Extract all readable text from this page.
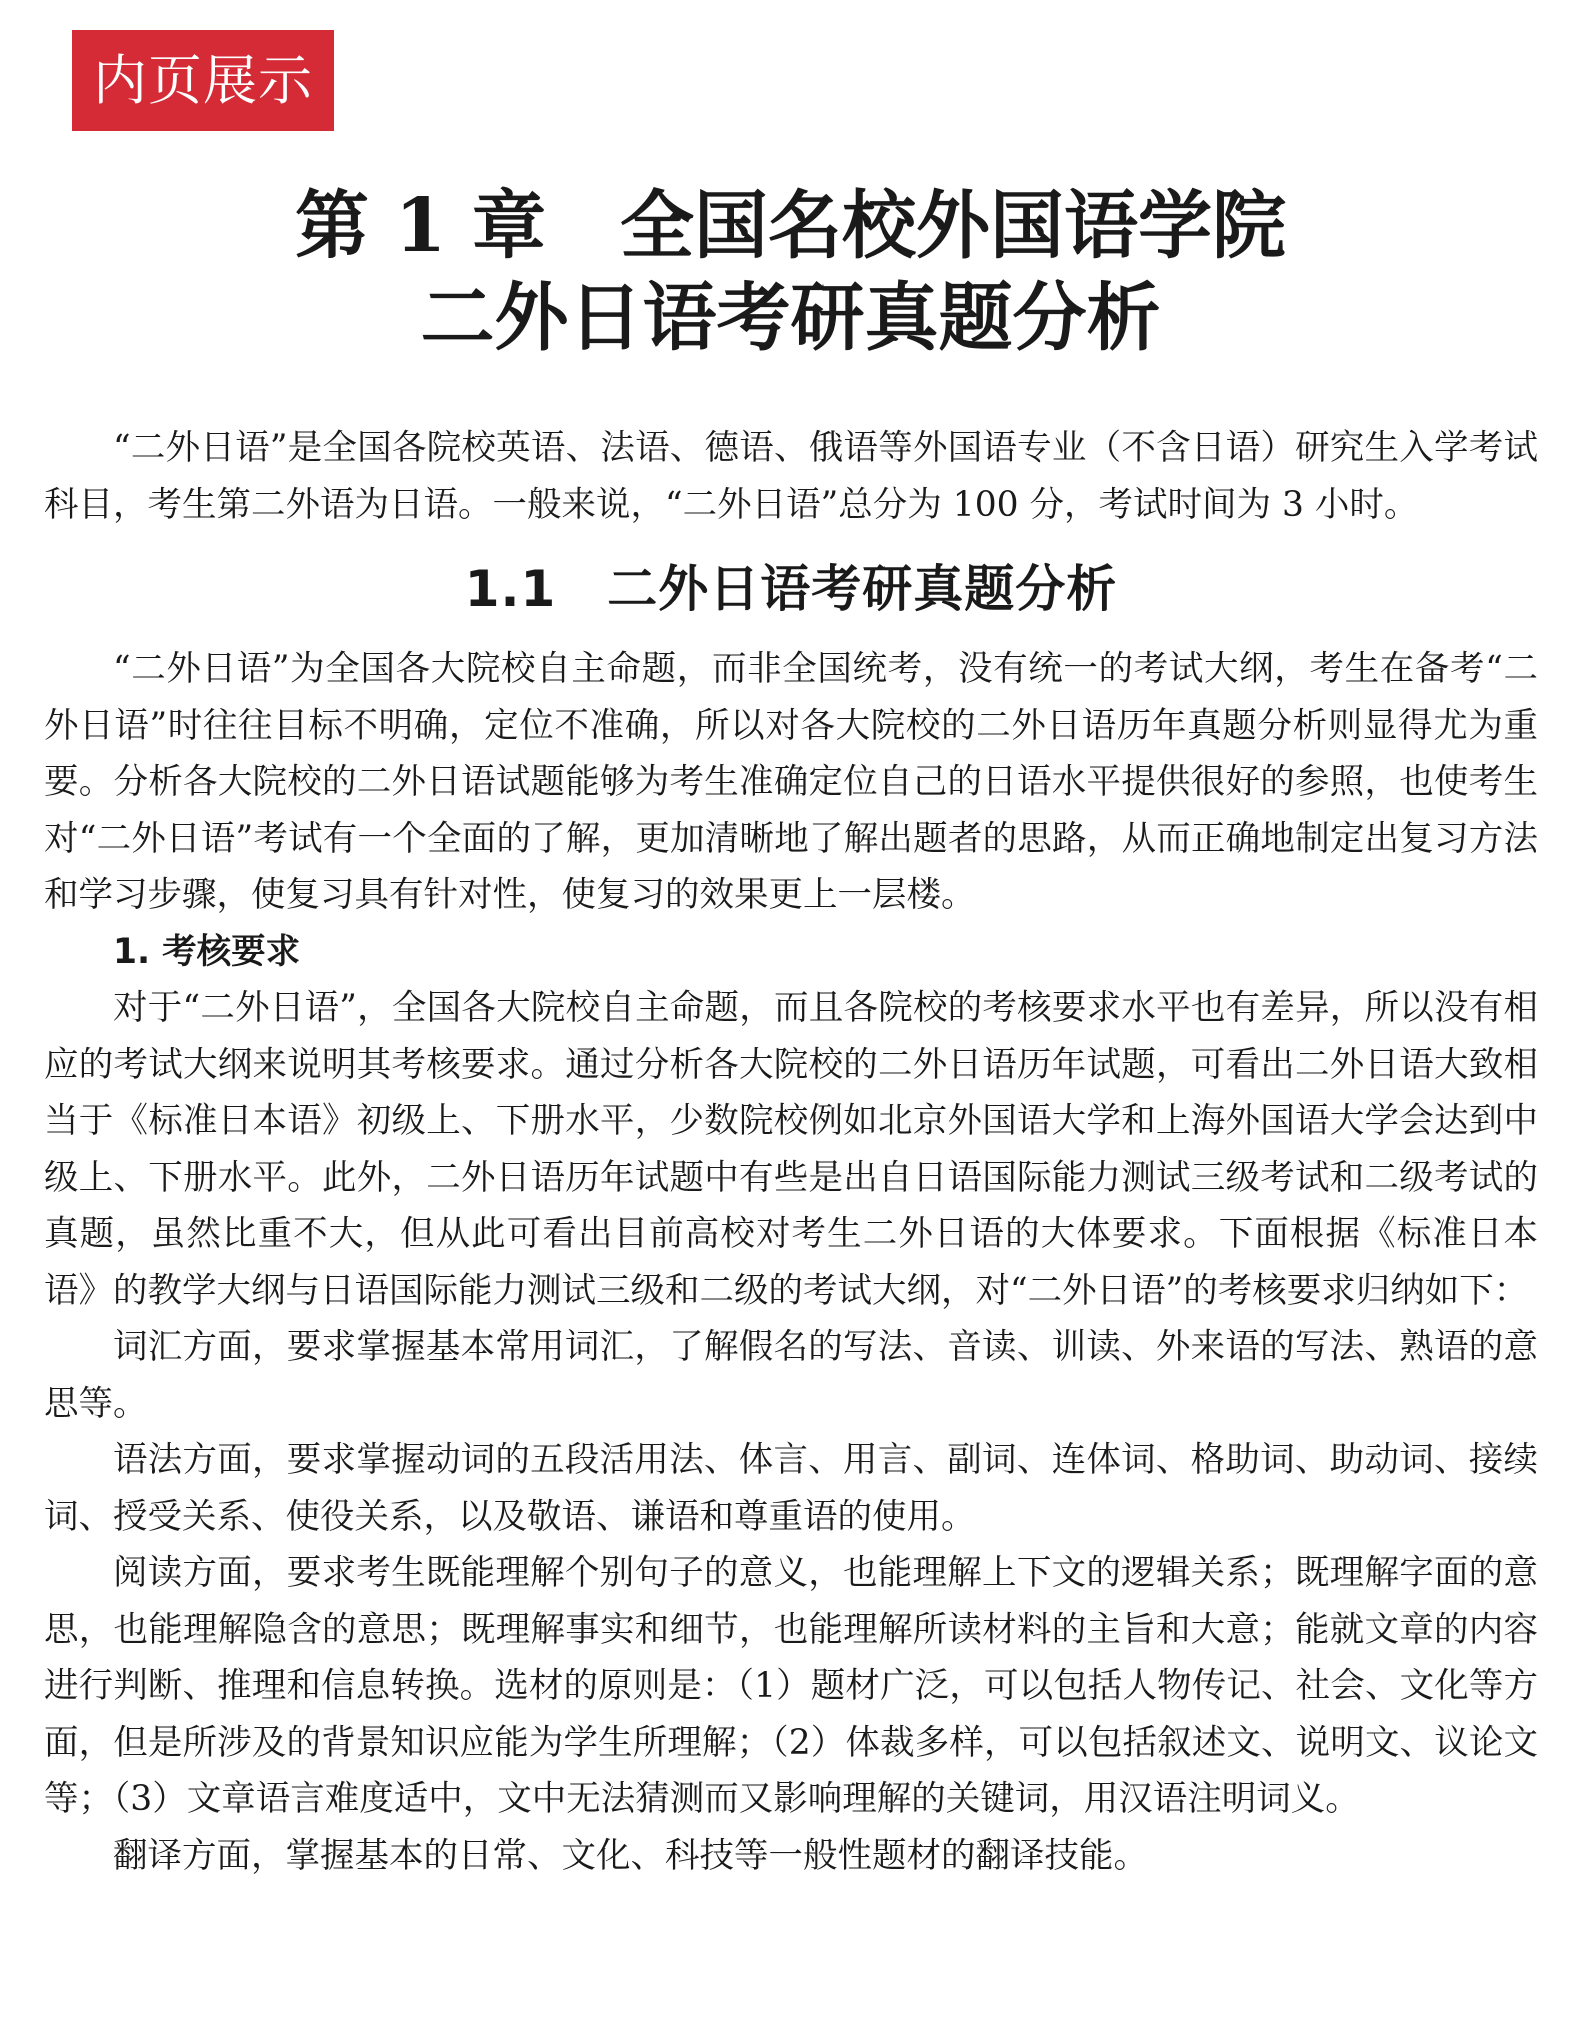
内页展示
第 1 章　全国名校外国语学院
二外日语考研真题分析

“二外日语”是全国各院校英语、法语、德语、俄语等外国语专业（不含日语）研究生入学考试科目，考生第二外语为日语。一般来说，“二外日语”总分为 100 分，考试时间为 3 小时。

1.1　二外日语考研真题分析

“二外日语”为全国各大院校自主命题，而非全国统考，没有统一的考试大纲，考生在备考“二外日语”时往往目标不明确，定位不准确，所以对各大院校的二外日语历年真题分析则显得尤为重要。分析各大院校的二外日语试题能够为考生准确定位自己的日语水平提供很好的参照，也使考生对“二外日语”考试有一个全面的了解，更加清晰地了解出题者的思路，从而正确地制定出复习方法和学习步骤，使复习具有针对性，使复习的效果更上一层楼。

1. 考核要求

对于“二外日语”，全国各大院校自主命题，而且各院校的考核要求水平也有差异，所以没有相应的考试大纲来说明其考核要求。通过分析各大院校的二外日语历年试题，可看出二外日语大致相当于《标准日本语》初级上、下册水平，少数院校例如北京外国语大学和上海外国语大学会达到中级上、下册水平。此外，二外日语历年试题中有些是出自日语国际能力测试三级考试和二级考试的真题，虽然比重不大，但从此可看出目前高校对考生二外日语的大体要求。下面根据《标准日本语》的教学大纲与日语国际能力测试三级和二级的考试大纲，对“二外日语”的考核要求归纳如下：

词汇方面，要求掌握基本常用词汇，了解假名的写法、音读、训读、外来语的写法、熟语的意思等。

语法方面，要求掌握动词的五段活用法、体言、用言、副词、连体词、格助词、助动词、接续词、授受关系、使役关系，以及敬语、谦语和尊重语的使用。

阅读方面，要求考生既能理解个别句子的意义，也能理解上下文的逻辑关系；既理解字面的意思，也能理解隐含的意思；既理解事实和细节，也能理解所读材料的主旨和大意；能就文章的内容进行判断、推理和信息转换。选材的原则是：（1）题材广泛，可以包括人物传记、社会、文化等方面，但是所涉及的背景知识应能为学生所理解；（2）体裁多样，可以包括叙述文、说明文、议论文等；（3）文章语言难度适中，文中无法猜测而又影响理解的关键词，用汉语注明词义。

翻译方面，掌握基本的日常、文化、科技等一般性题材的翻译技能。
